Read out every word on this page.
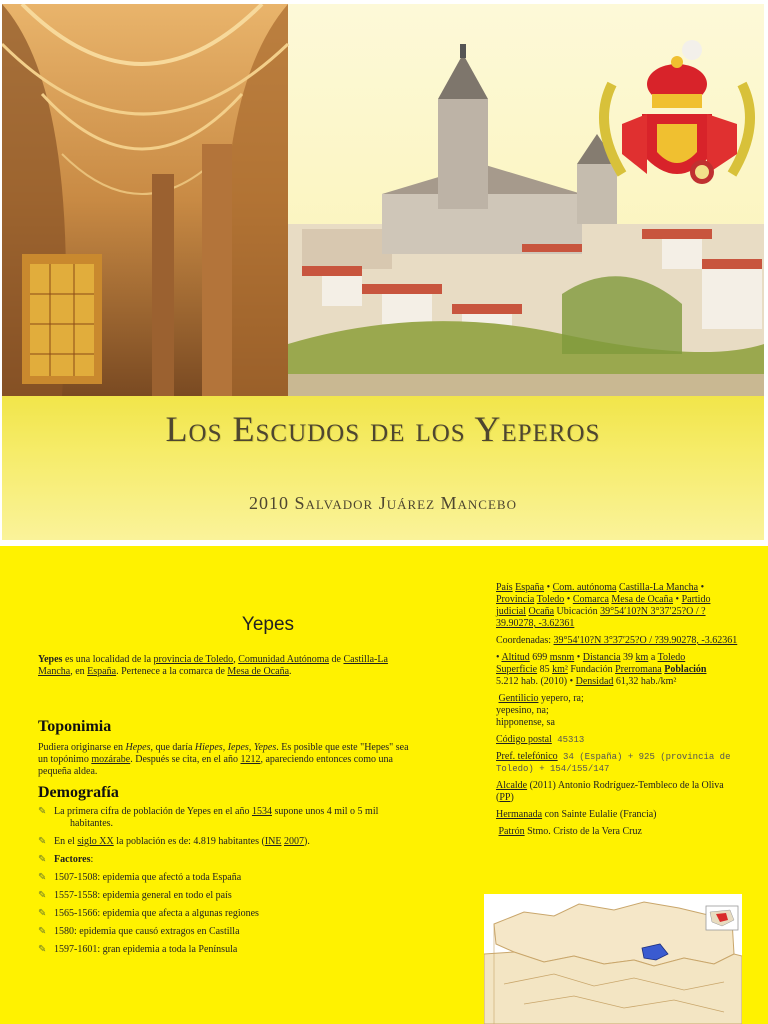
Los Escudos de los Yeperos
2010 Salvador Juárez Mancebo
Yepes
Yepes es una localidad de la provincia de Toledo, Comunidad Autónoma de Castilla-La Mancha, en España. Pertenece a la comarca de Mesa de Ocaña.
Toponimia
Pudiera originarse en Hepes, que daría Hiepes, Iepes, Yepes. Es posible que este "Hepes" sea un topónimo mozárabe. Después se cita, en el año 1212, apareciendo entonces como una pequeña aldea.
Demografía
✎ La primera cifra de población de Yepes en el año 1534 supone unos 4 mil o 5 mil
habitantes.
✎ En el siglo XX la población es de: 4.819 habitantes (INE 2007).
✎ Factores:
✎ 1507-1508: epidemia que afectó a toda España
✎ 1557-1558: epidemia general en todo el país
✎ 1565-1566: epidemia que afecta a algunas regiones
✎ 1580: epidemia que causó extragos en Castilla
✎ 1597-1601: gran epidemia a toda la Península
País España • Com. autónoma Castilla-La Mancha • Provincia Toledo • Comarca Mesa de Ocaña • Partido judicial Ocaña Ubicación 39°54′10?N 3°37′25?O / ?39.90278, -3.62361
Coordenadas: 39°54′10?N 3°37′25?O / ?39.90278, -3.62361
• Altitud 699 msnm • Distancia 39 km a Toledo
Superficie 85 km² Fundación Prerromana Población
5.212 hab. (2010) • Densidad 61,32 hab./km²
Gentilicio yepero, ra;
yepesino, na;
hipponense, sa
Código postal 45313
Pref. telefónico 34 (España) + 925 (provincia de Toledo) + 154/155/147
Alcalde (2011) Antonio Rodríguez-Tembleco de la Oliva (PP)
Hermanada con Sainte Eulalie (Francia)
Patrón Stmo. Cristo de la Vera Cruz
